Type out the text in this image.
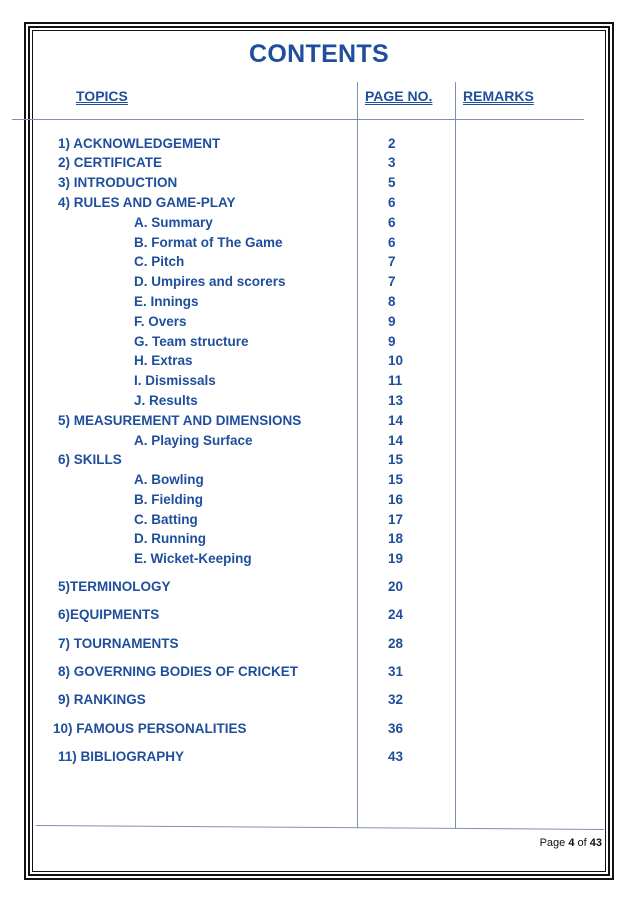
CONTENTS
TOPICS	PAGE NO. REMARKS
1) ACKNOWLEDGEMENT	2
2) CERTIFICATE	3
3) INTRODUCTION	5
4) RULES AND GAME-PLAY	6
A. Summary	6
B. Format of The Game	6
C. Pitch	7
D. Umpires and scorers	7
E. Innings	8
F. Overs	9
G. Team structure	9
H. Extras	10
I. Dismissals	11
J. Results	13
5) MEASUREMENT AND DIMENSIONS	14
A. Playing Surface	14
6) SKILLS	15
A. Bowling	15
B. Fielding	16
C. Batting	17
D. Running	18
E. Wicket-Keeping	19
5)TERMINOLOGY	20
6)EQUIPMENTS	24
7) TOURNAMENTS	28
8) GOVERNING BODIES OF CRICKET	31
9) RANKINGS	32
10) FAMOUS PERSONALITIES	36
11) BIBLIOGRAPHY	43
Page 4 of 43
